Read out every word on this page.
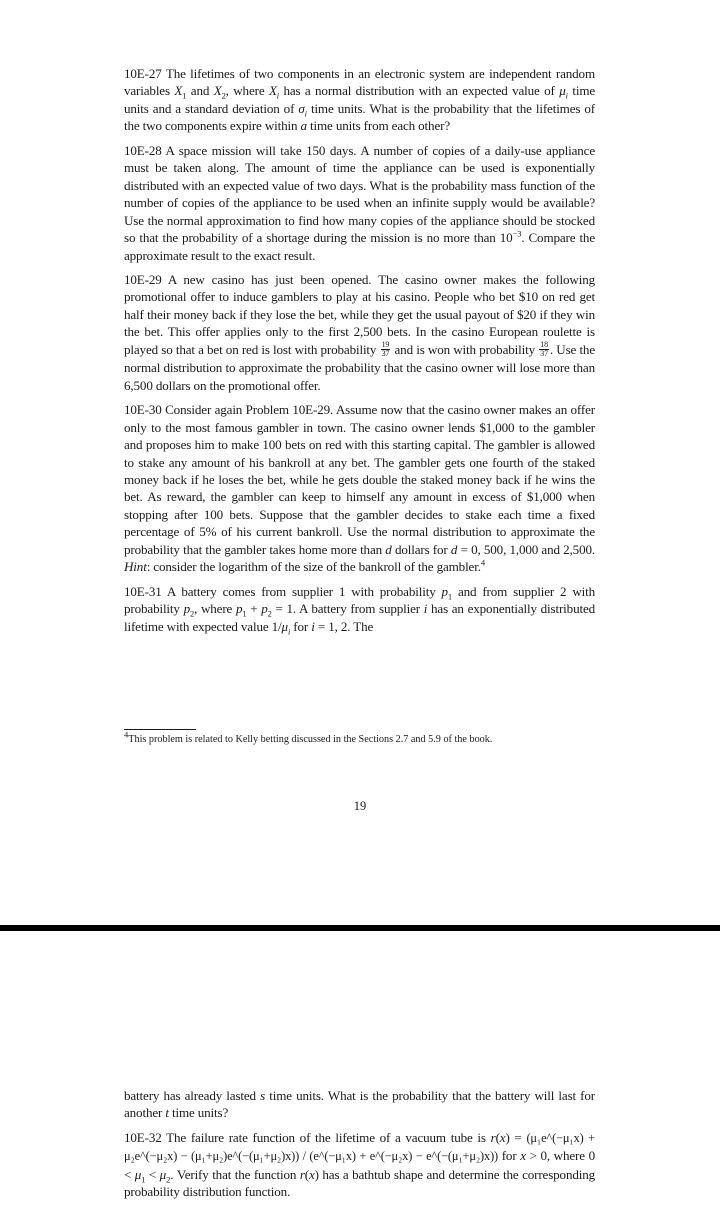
10E-27 The lifetimes of two components in an electronic system are independent random variables $X_1$ and $X_2$, where $X_i$ has a normal distribution with an expected value of $\mu_i$ time units and a standard deviation of $\sigma_i$ time units. What is the probability that the lifetimes of the two components expire within a time units from each other?

10E-28 A space mission will take 150 days. A number of copies of a daily-use appliance must be taken along. The amount of time the appliance can be used is exponentially distributed with an expected value of two days. What is the probability mass function of the number of copies of the appliance to be used when an infinite supply would be available? Use the normal approximation to find how many copies of the appliance should be stocked so that the probability of a shortage during the mission is no more than $10^{-3}$. Compare the approximate result to the exact result.

10E-29 A new casino has just been opened. The casino owner makes the following promotional offer to induce gamblers to play at his casino. People who bet $10 on red get half their money back if they lose the bet, while they get the usual payout of $20 if they win the bet. This offer applies only to the first 2,500 bets. In the casino European roulette is played so that a bet on red is lost with probability $\frac{19}{37}$ and is won with probability $\frac{18}{37}$ . Use the normal distribution to approximate the probability that the casino owner will lose more than 6,500 dollars on the promotional offer.

10E-30 Consider again Problem 10E-29. Assume now that the casino owner makes an offer only to the most famous gambler in town. The casino owner lends $1,000 to the gambler and proposes him to make 100 bets on red with this starting capital. The gambler is allowed to stake any amount of his bankroll at any bet. The gambler gets one fourth of the staked money back if he loses the bet, while he gets double the staked money back if he wins the bet. As reward, the gambler can keep to himself any amount in excess of $1,000 when stopping after 100 bets. Suppose that the gambler decides to stake each time a fixed percentage of 5% of his current bankroll. Use the normal distribution to approximate the probability that the gambler takes home more than d dollars for d = 0, 500, 1,000 and 2,500. Hint: consider the logarithm of the size of the bankroll of the gambler.$^4$

10E-31 A battery comes from supplier 1 with probability $p_1$ and from supplier 2 with probability $p_2$, where $p_1 + p_2 = 1$. A battery from supplier i has an exponentially distributed lifetime with expected value $1/\mu_i$ for i = 1, 2. The

$^4$This problem is related to Kelly betting discussed in the Sections 2.7 and 5.9 of the book.
19

battery has already lasted s time units. What is the probability that the battery will last for another t time units?

10E-32 The failure rate function of the lifetime of a vacuum tube is r(x) = (μ₁e^(−μ₁x) + μ₂e^(−μ₂x) − (μ₁+μ₂)e^(−(μ₁+μ₂)x)) / (e^(−μ₁x) + e^(−μ₂x) − e^(−(μ₁+μ₂)x)) for x > 0, where $0 < \mu_1 < \mu_2$. Verify that the function r(x) has a bathtub shape and determine the corresponding probability distribution function.
